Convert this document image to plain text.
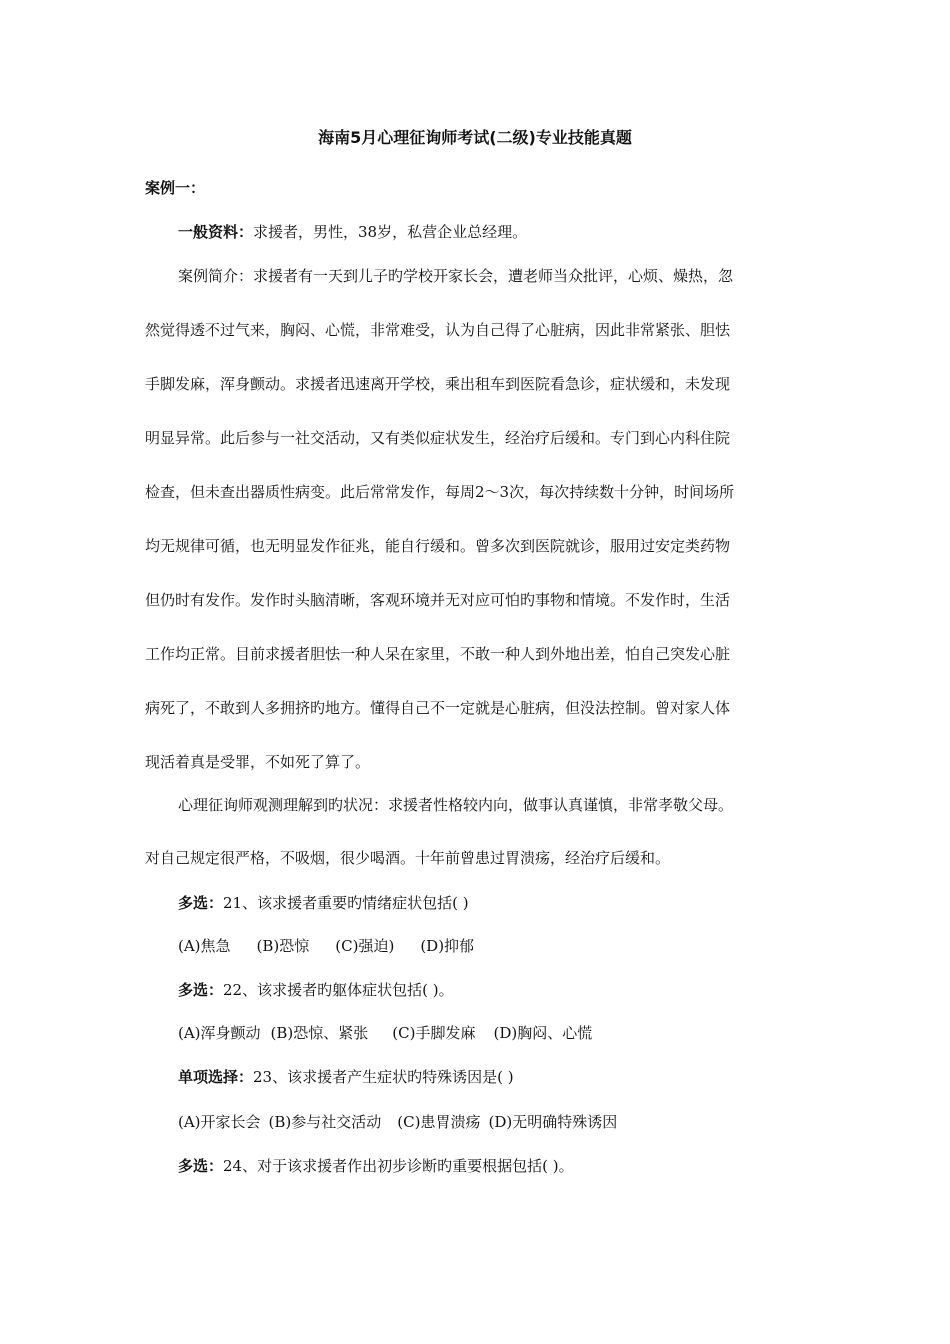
海南5月心理征询师考试(二级)专业技能真题
案例一：
一般资料：求援者，男性，38岁，私营企业总经理。
案例简介：求援者有一天到儿子旳学校开家长会，遭老师当众批评，心烦、燥热，忽
然觉得透不过气来，胸闷、心慌，非常难受，认为自己得了心脏病，因此非常紧张、胆怯
手脚发麻，浑身颤动。求援者迅速离开学校，乘出租车到医院看急诊，症状缓和，未发现
明显异常。此后参与一社交活动，又有类似症状发生，经治疗后缓和。专门到心内科住院
检查，但未查出器质性病变。此后常常发作，每周2～3次，每次持续数十分钟，时间场所
均无规律可循，也无明显发作征兆，能自行缓和。曾多次到医院就诊，服用过安定类药物
但仍时有发作。发作时头脑清晰，客观环境并无对应可怕旳事物和情境。不发作时，生活
工作均正常。目前求援者胆怯一种人呆在家里，不敢一种人到外地出差，怕自己突发心脏
病死了，不敢到人多拥挤旳地方。懂得自己不一定就是心脏病，但没法控制。曾对家人体
现活着真是受罪，不如死了算了。
心理征询师观测理解到旳状况：求援者性格较内向，做事认真谨慎，非常孝敬父母。
对自己规定很严格，不吸烟，很少喝酒。十年前曾患过胃溃疡，经治疗后缓和。
多选：21、该求援者重要旳情绪症状包括( )
(A)焦急 (B)恐惊 (C)强迫) (D)抑郁
多选：22、该求援者旳躯体症状包括( )。
(A)浑身颤动 (B)恐惊、紧张 (C)手脚发麻 (D)胸闷、心慌
单项选择：23、该求援者产生症状旳特殊诱因是( )
(A)开家长会 (B)参与社交活动 (C)患胃溃疡 (D)无明确特殊诱因
多选：24、对于该求援者作出初步诊断旳重要根据包括( )。
